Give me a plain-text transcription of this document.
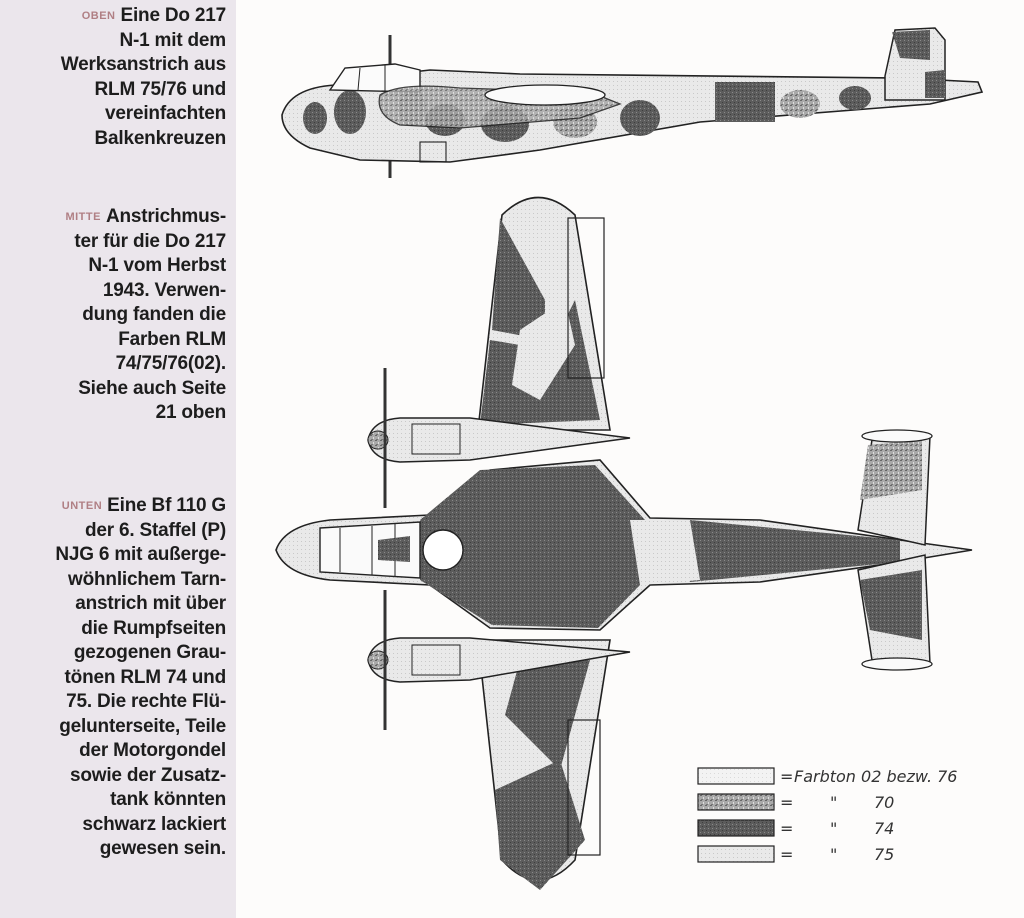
OBEN Eine Do 217
N-1 mit dem
Werksanstrich aus
RLM 75/76 und
vereinfachten
Balkenkreuzen
MITTE Anstrichmus-
ter für die Do 217
N-1 vom Herbst
1943. Verwen-
dung fanden die
Farben RLM
74/75/76(02).
Siehe auch Seite
21 oben
UNTEN Eine Bf 110 G
der 6. Staffel (P)
NJG 6 mit außerge-
wöhnlichem Tarn-
anstrich mit über
die Rumpfseiten
gezogenen Grau-
tönen RLM 74 und
75. Die rechte Flü-
gelunterseite, Teile
der Motorgondel
sowie der Zusatz-
tank könnten
schwarz lackiert
gewesen sein.
= Farbton 02 bezw. 76
= " 70
= " 74
= " 75
